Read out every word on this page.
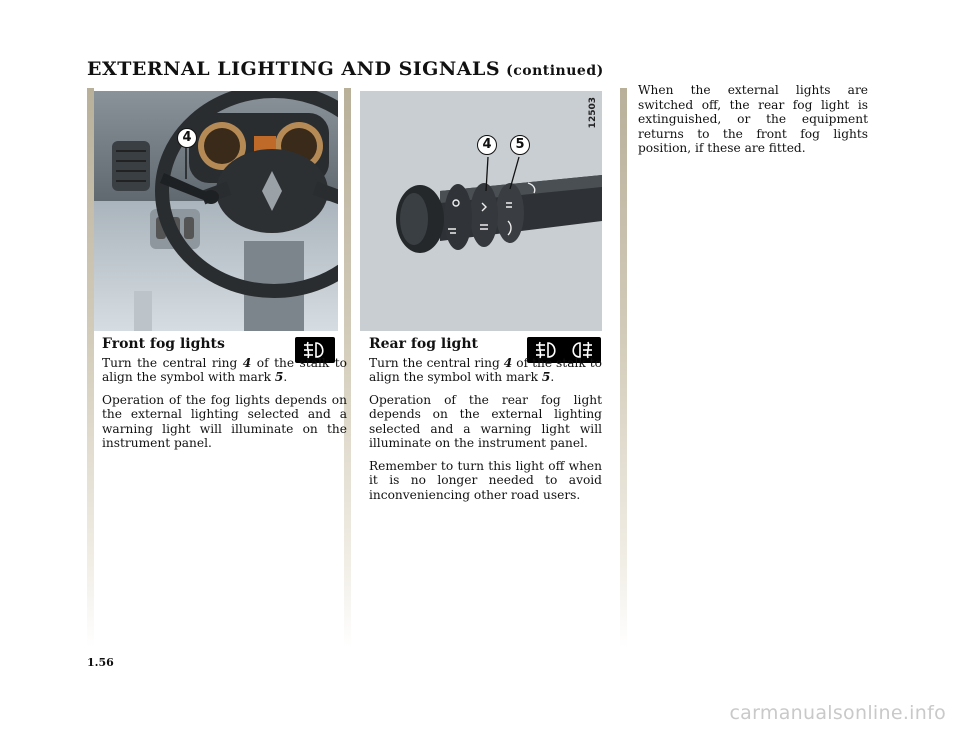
EXTERNAL LIGHTING AND SIGNALS (continued)
4
12503
4	5
Front fog lights

Turn the central ring 4 of the stalk to align the symbol with mark 5.

Operation of the fog lights depends on the external lighting selected and a warning light will illuminate on the instrument panel.

Rear fog light

Turn the central ring 4 of the stalk to align the symbol with mark 5.

Operation of the rear fog light depends on the external lighting selected and a warning light will illuminate on the instrument panel.

Remember to turn this light off when it is no longer needed to avoid inconveniencing other road users.

When the external lights are switched off, the rear fog light is extinguished, or the equipment returns to the front fog lights position, if these are fitted.
1.56
carmanualsonline.info
